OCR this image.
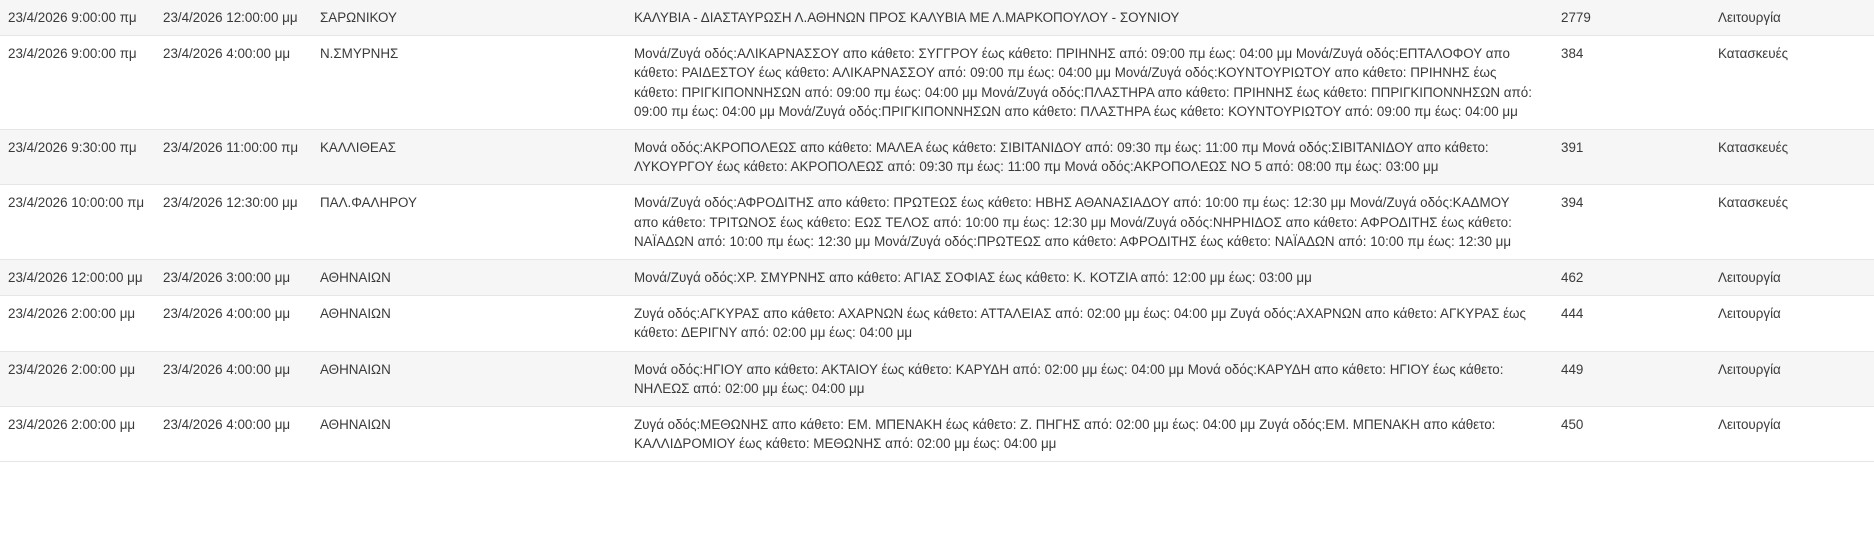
23/4/2026 9:00:00 πμ	23/4/2026 12:00:00 μμ	ΣΑΡΩΝΙΚΟΥ	ΚΑΛΥΒΙΑ - ΔΙΑΣΤΑΥΡΩΣΗ Λ.ΑΘΗΝΩΝ ΠΡΟΣ ΚΑΛΥΒΙΑ ΜΕ Λ.ΜΑΡΚΟΠΟΥΛΟΥ - ΣΟΥΝΙΟΥ	2779	Λειτουργία
23/4/2026 9:00:00 πμ	23/4/2026 4:00:00 μμ	Ν.ΣΜΥΡΝΗΣ	Μονά/Ζυγά οδός:ΑΛΙΚΑΡΝΑΣΣΟΥ απο κάθετο: ΣΥΓΓΡΟΥ έως κάθετο: ΠΡΙΗΝΗΣ από: 09:00 πμ έως: 04:00 μμ Μονά/Ζυγά οδός:ΕΠΤΑΛΟΦΟΥ απο κάθετο: ΡΑΙΔΕΣΤΟΥ έως κάθετο: ΑΛΙΚΑΡΝΑΣΣΟΥ από: 09:00 πμ έως: 04:00 μμ Μονά/Ζυγά οδός:ΚΟΥΝΤΟΥΡΙΩΤΟΥ απο κάθετο: ΠΡΙΗΝΗΣ έως κάθετο: ΠΡΙΓΚΙΠΟΝΝΗΣΩΝ από: 09:00 πμ έως: 04:00 μμ Μονά/Ζυγά οδός:ΠΛΑΣΤΗΡΑ απο κάθετο: ΠΡΙΗΝΗΣ έως κάθετο: ΠΠΡΙΓΚΙΠΟΝΝΗΣΩΝ από: 09:00 πμ έως: 04:00 μμ Μονά/Ζυγά οδός:ΠΡΙΓΚΙΠΟΝΝΗΣΩΝ απο κάθετο: ΠΛΑΣΤΗΡΑ έως κάθετο: ΚΟΥΝΤΟΥΡΙΩΤΟΥ από: 09:00 πμ έως: 04:00 μμ	384	Κατασκευές
23/4/2026 9:30:00 πμ	23/4/2026 11:00:00 πμ	ΚΑΛΛΙΘΕΑΣ	Μονά οδός:ΑΚΡΟΠΟΛΕΩΣ απο κάθετο: ΜΑΛΕΑ έως κάθετο: ΣΙΒΙΤΑΝΙΔΟΥ από: 09:30 πμ έως: 11:00 πμ Μονά οδός:ΣΙΒΙΤΑΝΙΔΟΥ απο κάθετο: ΛΥΚΟΥΡΓΟΥ έως κάθετο: ΑΚΡΟΠΟΛΕΩΣ από: 09:30 πμ έως: 11:00 πμ Μονά οδός:ΑΚΡΟΠΟΛΕΩΣ ΝΟ 5 από: 08:00 πμ έως: 03:00 μμ	391	Κατασκευές
23/4/2026 10:00:00 πμ	23/4/2026 12:30:00 μμ	ΠΑΛ.ΦΑΛΗΡΟΥ	Μονά/Ζυγά οδός:ΑΦΡΟΔΙΤΗΣ απο κάθετο: ΠΡΩΤΕΩΣ έως κάθετο: ΗΒΗΣ ΑΘΑΝΑΣΙΑΔΟΥ από: 10:00 πμ έως: 12:30 μμ Μονά/Ζυγά οδός:ΚΑΔΜΟΥ απο κάθετο: ΤΡΙΤΩΝΟΣ έως κάθετο: ΕΩΣ ΤΕΛΟΣ από: 10:00 πμ έως: 12:30 μμ Μονά/Ζυγά οδός:ΝΗΡΗΙΔΟΣ απο κάθετο: ΑΦΡΟΔΙΤΗΣ έως κάθετο: ΝΑΪΑΔΩΝ από: 10:00 πμ έως: 12:30 μμ Μονά/Ζυγά οδός:ΠΡΩΤΕΩΣ απο κάθετο: ΑΦΡΟΔΙΤΗΣ έως κάθετο: ΝΑΪΑΔΩΝ από: 10:00 πμ έως: 12:30 μμ	394	Κατασκευές
23/4/2026 12:00:00 μμ	23/4/2026 3:00:00 μμ	ΑΘΗΝΑΙΩΝ	Μονά/Ζυγά οδός:ΧΡ. ΣΜΥΡΝΗΣ απο κάθετο: ΑΓΙΑΣ ΣΟΦΙΑΣ έως κάθετο: Κ. ΚΟΤΖΙΑ από: 12:00 μμ έως: 03:00 μμ	462	Λειτουργία
23/4/2026 2:00:00 μμ	23/4/2026 4:00:00 μμ	ΑΘΗΝΑΙΩΝ	Ζυγά οδός:ΑΓΚΥΡΑΣ απο κάθετο: ΑΧΑΡΝΩΝ έως κάθετο: ΑΤΤΑΛΕΙΑΣ από: 02:00 μμ έως: 04:00 μμ Ζυγά οδός:ΑΧΑΡΝΩΝ απο κάθετο: ΑΓΚΥΡΑΣ έως κάθετο: ΔΕΡΙΓΝΥ από: 02:00 μμ έως: 04:00 μμ	444	Λειτουργία
23/4/2026 2:00:00 μμ	23/4/2026 4:00:00 μμ	ΑΘΗΝΑΙΩΝ	Μονά οδός:ΗΓΙΟΥ απο κάθετο: ΑΚΤΑΙΟΥ έως κάθετο: ΚΑΡΥΔΗ από: 02:00 μμ έως: 04:00 μμ Μονά οδός:ΚΑΡΥΔΗ απο κάθετο: ΗΓΙΟΥ έως κάθετο: ΝΗΛΕΩΣ από: 02:00 μμ έως: 04:00 μμ	449	Λειτουργία
23/4/2026 2:00:00 μμ	23/4/2026 4:00:00 μμ	ΑΘΗΝΑΙΩΝ	Ζυγά οδός:ΜΕΘΩΝΗΣ απο κάθετο: ΕΜ. ΜΠΕΝΑΚΗ έως κάθετο: Ζ. ΠΗΓΗΣ από: 02:00 μμ έως: 04:00 μμ Ζυγά οδός:ΕΜ. ΜΠΕΝΑΚΗ απο κάθετο: ΚΑΛΛΙΔΡΟΜΙΟΥ έως κάθετο: ΜΕΘΩΝΗΣ από: 02:00 μμ έως: 04:00 μμ	450	Λειτουργία
